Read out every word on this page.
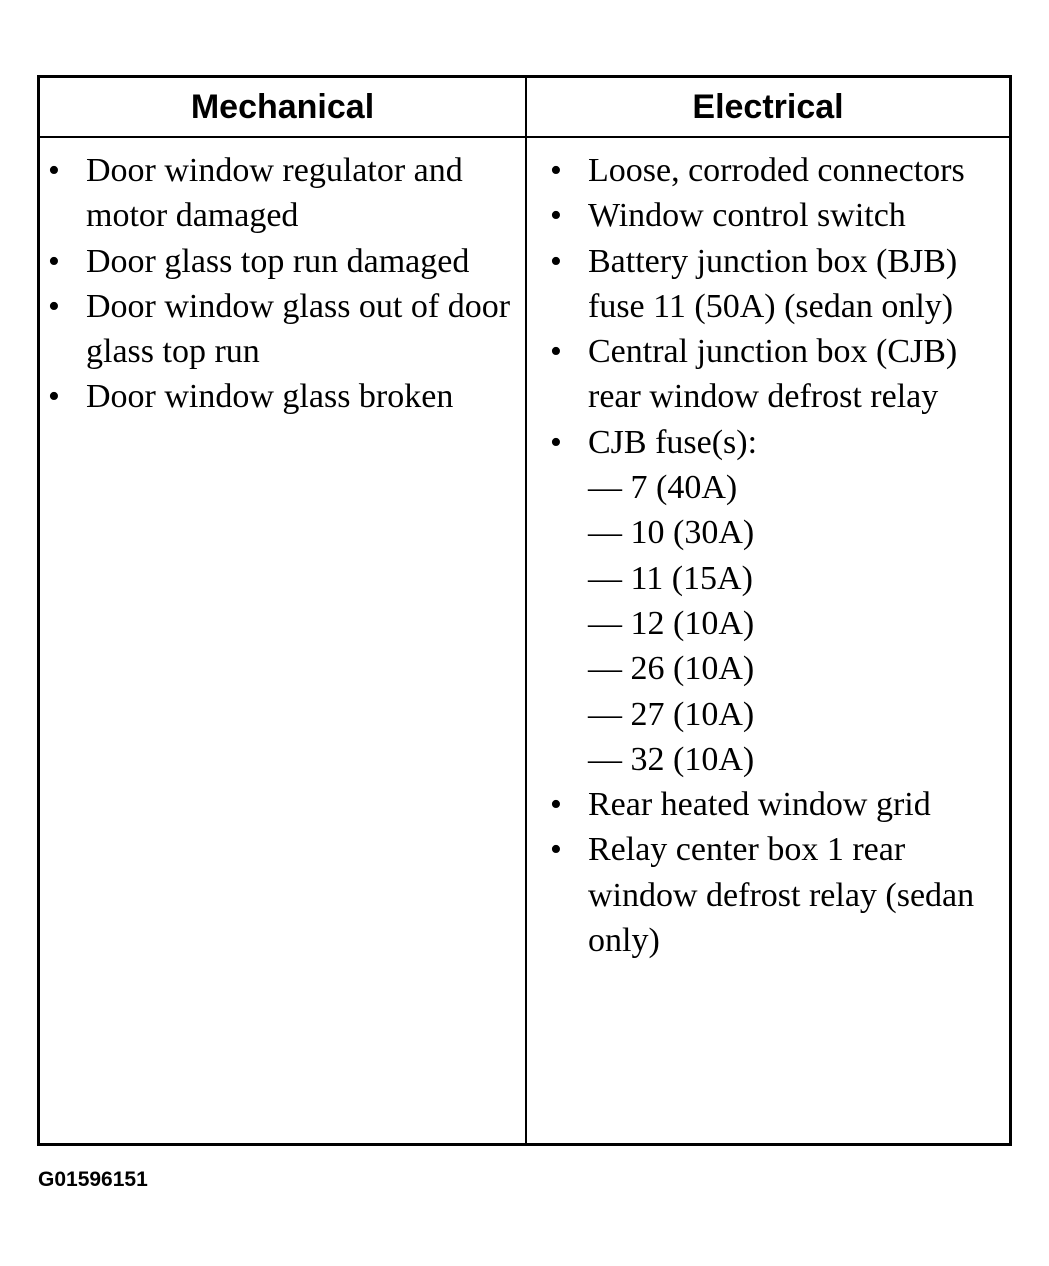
Mechanical	Electrical
• Door window regulator and motor damaged
• Door glass top run damaged
• Door window glass out of door glass top run
• Door window glass broken
• Loose, corroded connectors
• Window control switch
• Battery junction box (BJB) fuse 11 (50A) (sedan only)
• Central junction box (CJB) rear window defrost relay
• CJB fuse(s):
— 7 (40A)
— 10 (30A)
— 11 (15A)
— 12 (10A)
— 26 (10A)
— 27 (10A)
— 32 (10A)
• Rear heated window grid
• Relay center box 1 rear window defrost relay (sedan only)
G01596151
